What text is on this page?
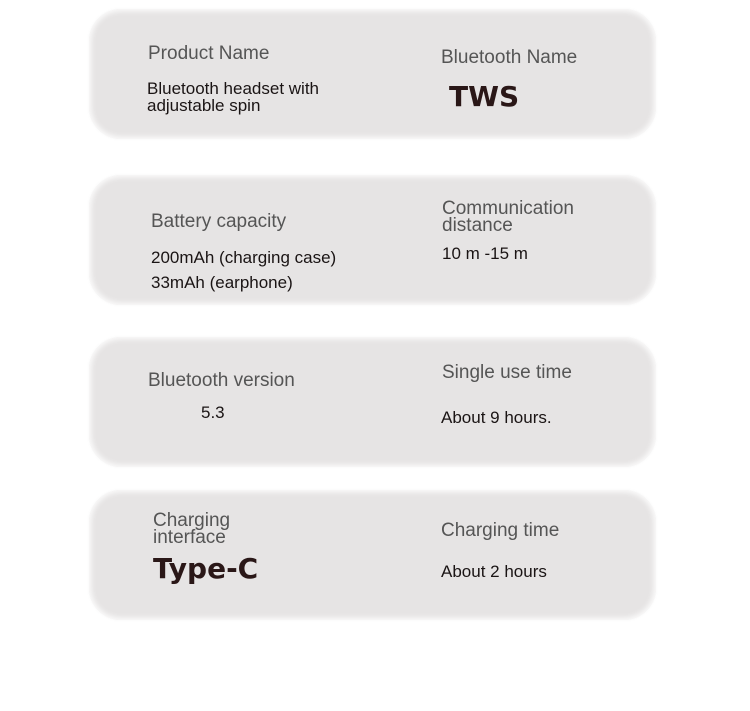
Product Name
Bluetooth headset with
adjustable spin
Bluetooth Name
TWS
Battery capacity
200mAh (charging case)
33mAh (earphone)
Communication
distance
10 m -15 m
Bluetooth version
5.3
Single use time
About 9 hours.
Charging
interface
Type-C
Charging time
About 2 hours
